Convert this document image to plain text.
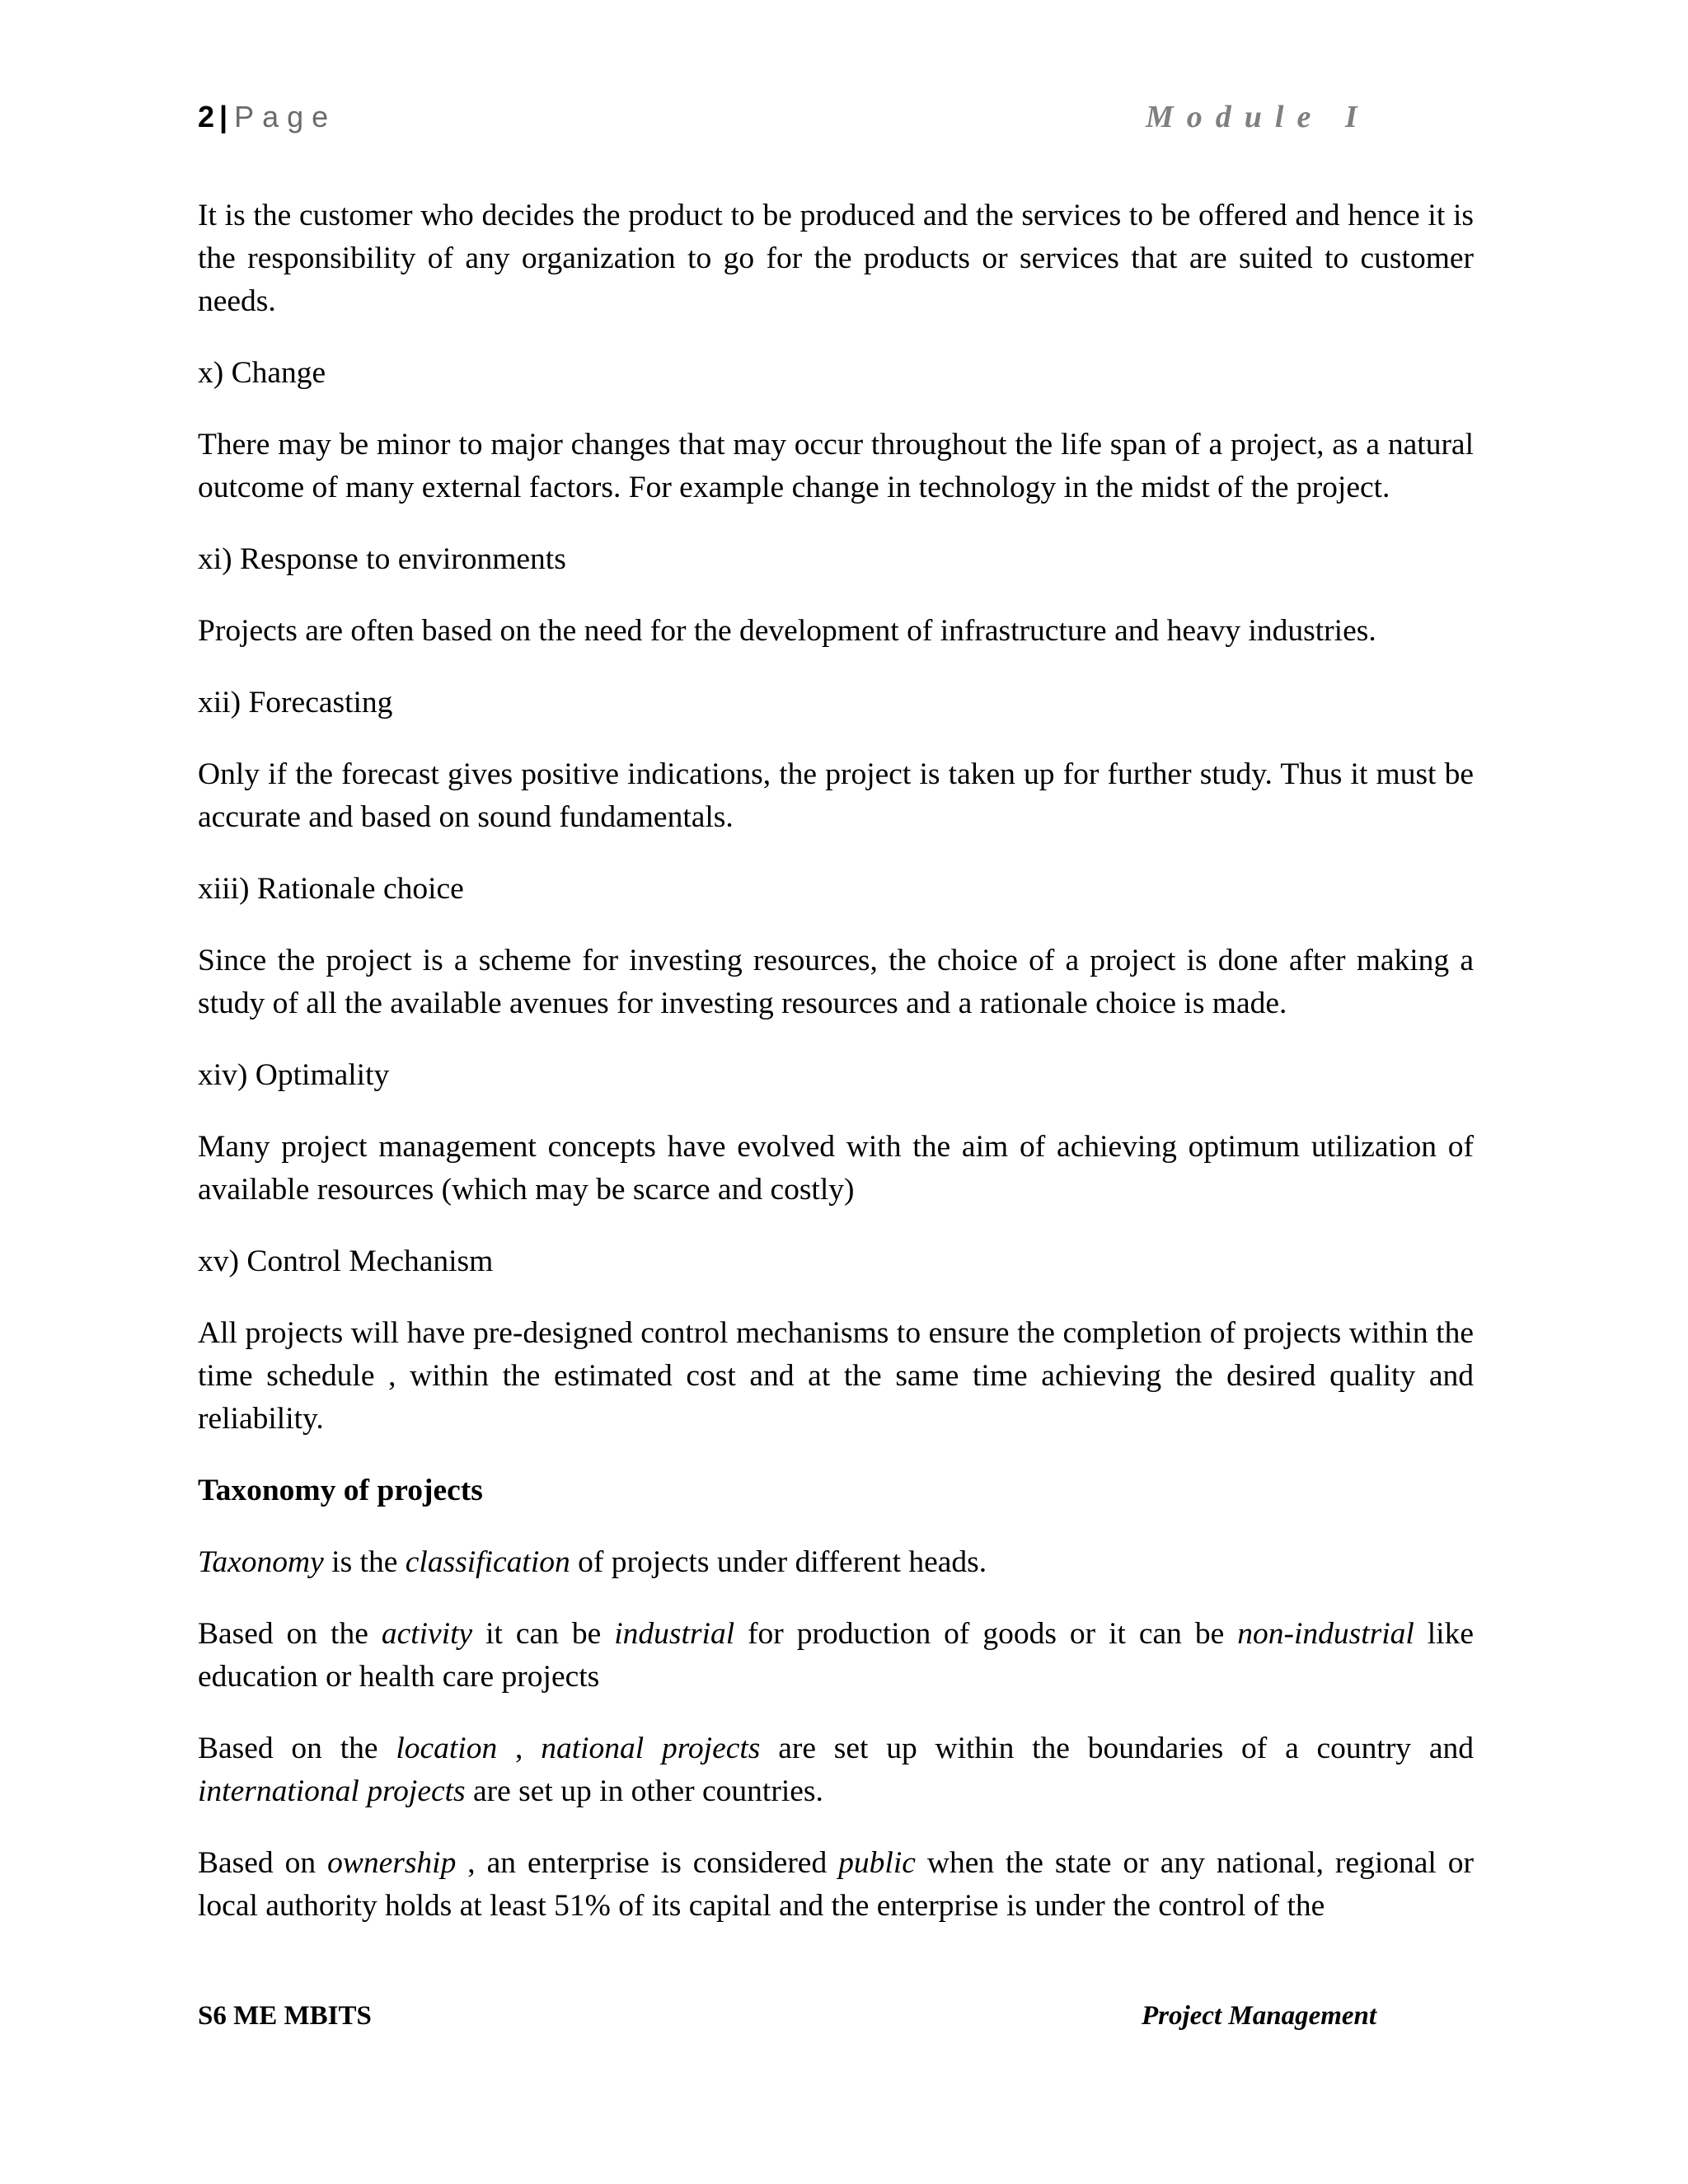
2 | Page	Module I

It is the customer who decides the product to be produced and the services to be offered and hence it is the responsibility of any organization to go for the products or services that are suited to customer needs.

x) Change

There may be minor to major changes that may occur throughout the life span of a project, as a natural outcome of many external factors. For example change in technology in the midst of the project.

xi) Response to environments

Projects are often based on the need for the development of infrastructure and heavy industries.

xii) Forecasting

Only if the forecast gives positive indications, the project is taken up for further study. Thus it must be accurate and based on sound fundamentals.

xiii) Rationale choice

Since the project is a scheme for investing resources, the choice of a project is done after making a study of all the available avenues for investing resources and a rationale choice is made.

xiv) Optimality

Many project management concepts have evolved with the aim of achieving optimum utilization of available resources (which may be scarce and costly)

xv) Control Mechanism

All projects will have pre-designed control mechanisms to ensure the completion of projects within the time schedule , within the estimated cost and at the same time achieving the desired quality and reliability.

Taxonomy of projects

Taxonomy is the classification of projects under different heads.

Based on the activity it can be industrial for production of goods or it can be non-industrial like education or health care projects

Based on the location , national projects are set up within the boundaries of a country and international projects are set up in other countries.

Based on ownership , an enterprise is considered public when the state or any national, regional or local authority holds at least 51% of its capital and the enterprise is under the control of the

S6 ME MBITS	Project Management
